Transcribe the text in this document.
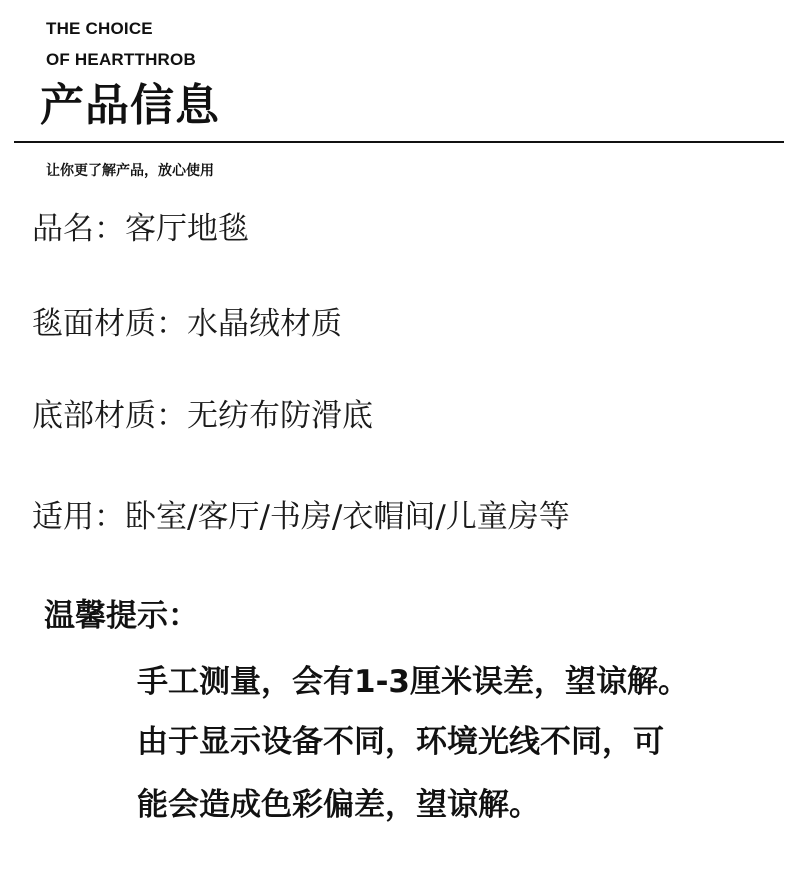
THE CHOICE
OF HEARTTHROB
产品信息
让你更了解产品，放心使用
品名：客厅地毯
毯面材质：水晶绒材质
底部材质：无纺布防滑底
适用：卧室/客厅/书房/衣帽间/儿童房等
温馨提示：
手工测量，会有1-3厘米误差，望谅解。
由于显示设备不同，环境光线不同，可
能会造成色彩偏差，望谅解。
